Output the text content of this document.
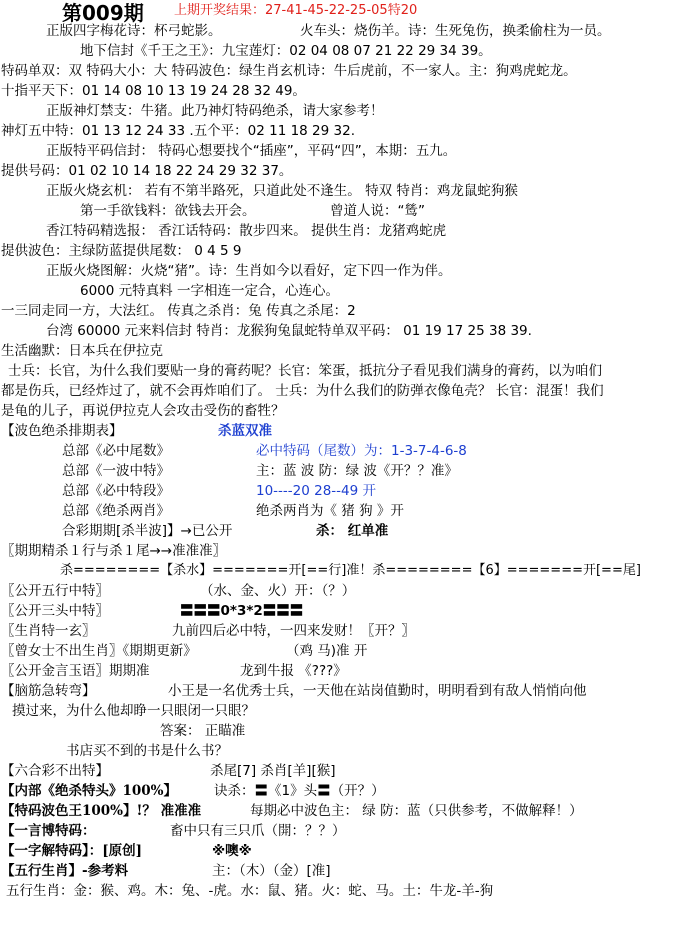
第009期 上期开奖结果：27-41-45-22-25-05特20
正版四字梅花诗：杯弓蛇影。	火车头：烧伤羊。诗：生死兔伤，换柔偷柱为一员。
地下信封《千王之王》：九宝莲灯：02 04 08 07 21 22 29 34 39。
特码单双：双 特码大小：大 特码波色：绿生肖玄机诗：牛后虎前，不一家人。主：狗鸡虎蛇龙。
十指平天下：01 14 08 10 13 19 24 28 32 49。
正版神灯禁支：牛猪。此乃神灯特码绝杀，请大家参考！
神灯五中特：01 13 12 24 33 .五个平：02 11 18 29 32.
正版特平码信封： 特码心想要找个“插座”，平码“四”，本期：五九。
提供号码：01 02 10 14 18 22 24 29 32 37。
正版火烧玄机： 若有不第半路死，只道此处不逢生。 特双 特肖：鸡龙鼠蛇狗猴
第一手欲钱料：欲钱去开会。	曾道人说：“鸶”
香江特码精选报： 香江话特码：散步四来。 提供生肖：龙猪鸡蛇虎
提供波色：主绿防蓝提供尾数： 0 4 5 9
正版火烧图解：火烧“猪”。诗：生肖如今以看好，定下四一作为伴。
6000 元特真料 一字相连一定合，心连心。
一三同走同一方，大法红。 传真之杀肖：兔 传真之杀尾：2
台湾 60000 元来料信封 特肖：龙猴狗兔鼠蛇特单双平码： 01 19 17 25 38 39.
生活幽默：日本兵在伊拉克
士兵：长官，为什么我们要贴一身的膏药呢？长官：笨蛋，抵抗分子看见我们满身的膏药，以为咱们
都是伤兵，已经炸过了，就不会再炸咱们了。 士兵：为什么我们的防弹衣像龟壳？ 长官：混蛋！我们
是龟的儿子，再说伊拉克人会攻击受伤的畜牲？
【波色绝杀排期表】	杀蓝双准
总部《必中尾数》	必中特码（尾数）为：1-3-7-4-6-8
总部《一波中特》	主：蓝 波 防：绿 波《开？？准》
总部《必中特段》	10----20 28--49 开
总部《绝杀两肖》	绝杀两肖为《 猪 狗 》开
合彩期期[杀半波]】→已公开	杀： 红单准
〖期期精杀１行与杀１尾→→准准准〗
杀========【杀水】=======开[==行]准！杀========【6】=======开[==尾]
〖公开五行中特〗	（水、金、火）开：（？）
〖公开三头中特〗	〓〓〓0*3*2〓〓〓
〖生肖特一玄〗	九前四后必中特，一四来发财！〖开？〗
〖曾女士不出生肖〗《期期更新》	（鸡 马)准 开
〖公开金言玉语〗期期准	龙到牛报 《???》
【脑筋急转弯】	小王是一名优秀士兵，一天他在站岗值勤时，明明看到有敌人悄悄向他
摸过来，为什么他却睁一只眼闭一只眼？
答案： 正瞄准
书店买不到的书是什么书？
【六合彩不出特】	杀尾[7] 杀肖[羊][猴]
【内部《绝杀特头》100%】	诀杀：〓《1》头〓（开？）
【特码波色王100%】!？ 准准准	每期必中波色主： 绿 防：蓝（只供参考，不做解释！）
【一言博特码：	畜中只有三只爪（開：？？）
【一字解特码】：[原创]	※噢※
【五行生肖】-参考料	主：（木）（金）[准]
五行生肖：金：猴、鸡。木：兔、-虎。水：鼠、猪。火：蛇、马。土：牛龙-羊-狗
